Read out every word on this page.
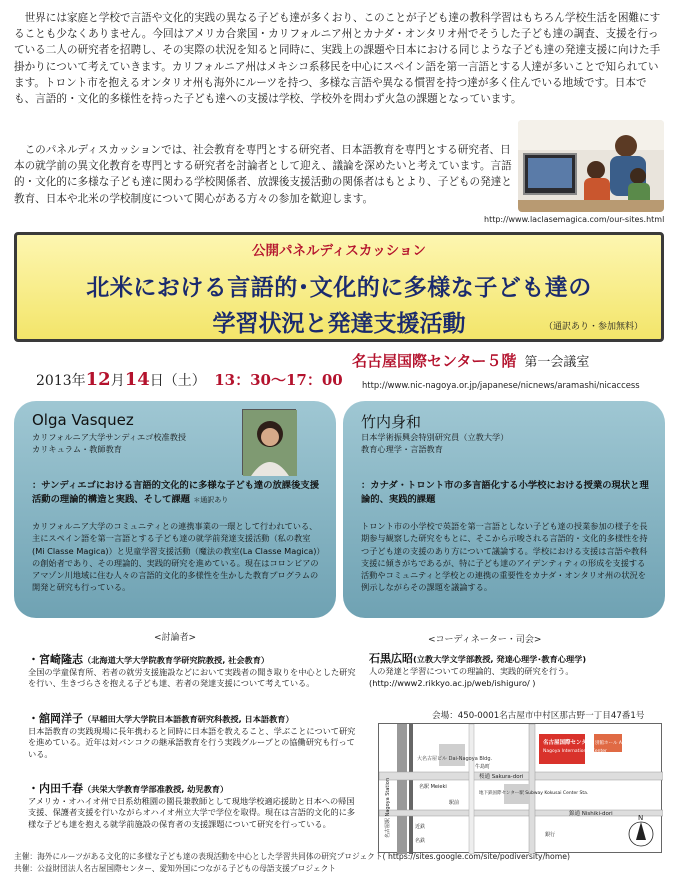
世界には家庭と学校で言語や文化的実践の異なる子ども達が多くおり、このことが子ども達の教科学習はもちろん学校生活を困難にすることも少なくありません。今回はアメリカ合衆国・カリフォルニア州とカナダ・オンタリオ州でそうした子ども達の調査、支援を行っている二人の研究者を招聘し、その実際の状況を知ると同時に、実践上の課題や日本における同じような子ども達の発達支援に向けた手掛かりについて考えていきます。カリフォルニア州はメキシコ系移民を中心にスペイン語を第一言語とする人達が多いことで知られています。トロント市を抱えるオンタリオ州も海外にルーツを持つ、多様な言語や異なる慣習を持つ達が多く住んでいる地域です。日本でも、言語的・文化的多様性を持った子ども達への支援は学校、学校外を問わず火急の課題となっています。

このパネルディスカッションでは、社会教育を専門とする研究者、日本語教育を専門とする研究者、日本の就学前の異文化教育を専門とする研究者を討論者として迎え、議論を深めたいと考えています。言語的・文化的に多様な子ども達に関わる学校関係者、放課後支援活動の関係者はもとより、子どもの発達と教育、日本や北米の学校制度について関心がある方々の参加を歓迎します。

http://www.laclasemagica.com/our-sites.html

公開パネルディスカッション
北米における言語的･文化的に多様な子ども達の
学習状況と発達支援活動	（通訳あり・参加無料）
2013年12月14日（土） 13：30～17：00
名古屋国際センター５階 第一会議室

http://www.nic-nagoya.or.jp/japanese/nicnews/aramashi/nicaccess

Olga Vasquez
カリフォルニア大学サンディエゴ校准教授
カリキュラム・教師教育
：サンディエゴにおける言語的文化的に多様な子ども達の放課後支援活動の理論的構造と実践、そして課題 ＊通訳あり
カリフォルニア大学のコミュニティとの連携事業の一環として行われている、主にスペイン語を第一言語とする子ども達の就学前発達支援活動（私の教室(Mi Classe Magica)）と児童学習支援活動（魔法の教室(La Classe Magica)）の創始者であり、その理論的、実践的研究を進めている。現在はコロンビアのアマゾン川地域に住む人々の言語的文化的多様性を生かした教育プログラムの開発と研究も行っている。
竹内身和
日本学術振興会特別研究員（立教大学）
教育心理学・言語教育
：カナダ・トロント市の多言語化する小学校における授業の現状と理論的、実践的課題
トロント市の小学校で英語を第一言語としない子ども達の授業参加の様子を長期参与観察した研究をもとに、そこから示唆される言語的・文化的多様性を持つ子ども達の支援のあり方について議論する。学校における支援は言語や教科支援に傾きがちであるが、特に子ども達のアイデンティティの形成を支援する活動やコミュニティと学校との連携の重要性をカナダ・オンタリオ州の状況を例示しながらその課題を議論する。
<討論者>	<コーディネーター・司会>
・宮崎隆志（北海道大学大学院教育学研究院教授, 社会教育）
全国の学童保育所、若者の就労支援施設などにおいて実践者の聞き取りを中心とした研究を行い、生きづらさを抱える子ども達、若者の発達支援について考えている。
・舘岡洋子（早稲田大学大学院日本語教育研究科教授, 日本語教育）
日本語教育の実践現場に長年携わると同時に日本語を教えること、学ぶことについて研究を進めている。近年は対バンコクの継承語教育を行う実践グループとの協働研究も行っている。
・内田千春（共栄大学教育学部准教授, 幼児教育）
アメリカ・オハイオ州で日系幼稚園の園長兼教師として現地学校適応援助と日本への帰国支援、保護者支援を行いながらオハイオ州立大学で学位を取得。現在は言語的文化的に多様な子ども達を抱える就学前施設の保育者の支援課題について研究を行っている。
石黒広昭(立教大学文学部教授, 発達心理学･教育心理学)
人の発達と学習についての理論的、実践的研究を行う。
(http://www2.rikkyo.ac.jp/web/ishiguro/ )
会場：450-0001名古屋市中村区那古野一丁目47番1号
大名古屋ビル Dai-Nagoya Bldg.
名古屋国際センター
Nagoya International Center
別館ホール Annex Hall
桜通 Sakura-dori
錦通 Nishiki-dori
地下鉄国際センター駅 Subway Kokusai Center Sta.
名古屋駅 Nagoya Station	名駅 Meieki
近鉄
名鉄
牛島町
駅前
銀行
N
主催：海外にルーツがある文化的に多様な子ども達の表現活動を中心とした学習共同体の研究プロジェクト( https://sites.google.com/site/podiversity/home)
共催：公益財団法人名古屋国際センター、愛知外国につながる子どもの母語支援プロジェクト
